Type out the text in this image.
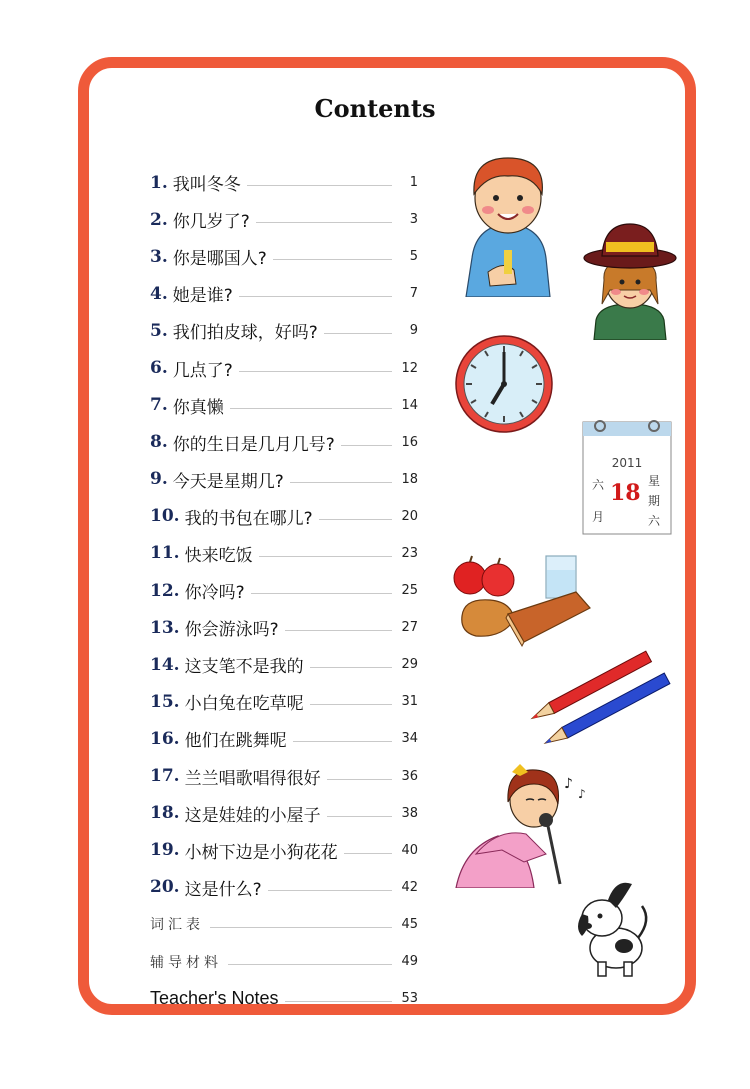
Contents
1. 我叫冬冬	1
2. 你几岁了?	3
3. 你是哪国人?	5
4. 她是谁?	7
5. 我们拍皮球，好吗?	9
6. 几点了?	12
7. 你真懒	14
8. 你的生日是几月几号?	16
9. 今天是星期几?	18
10. 我的书包在哪儿?	20
11. 快来吃饭	23
12. 你冷吗?	25
13. 你会游泳吗?	27
14. 这支笔不是我的	29
15. 小白兔在吃草呢	31
16. 他们在跳舞呢	34
17. 兰兰唱歌唱得很好	36
18. 这是娃娃的小屋子	38
19. 小树下边是小狗花花	40
20. 这是什么?	42
词汇表	45
辅导材料	49
Teacher's Notes	53
2011
六
月
18 星
期
六
♪
♪
